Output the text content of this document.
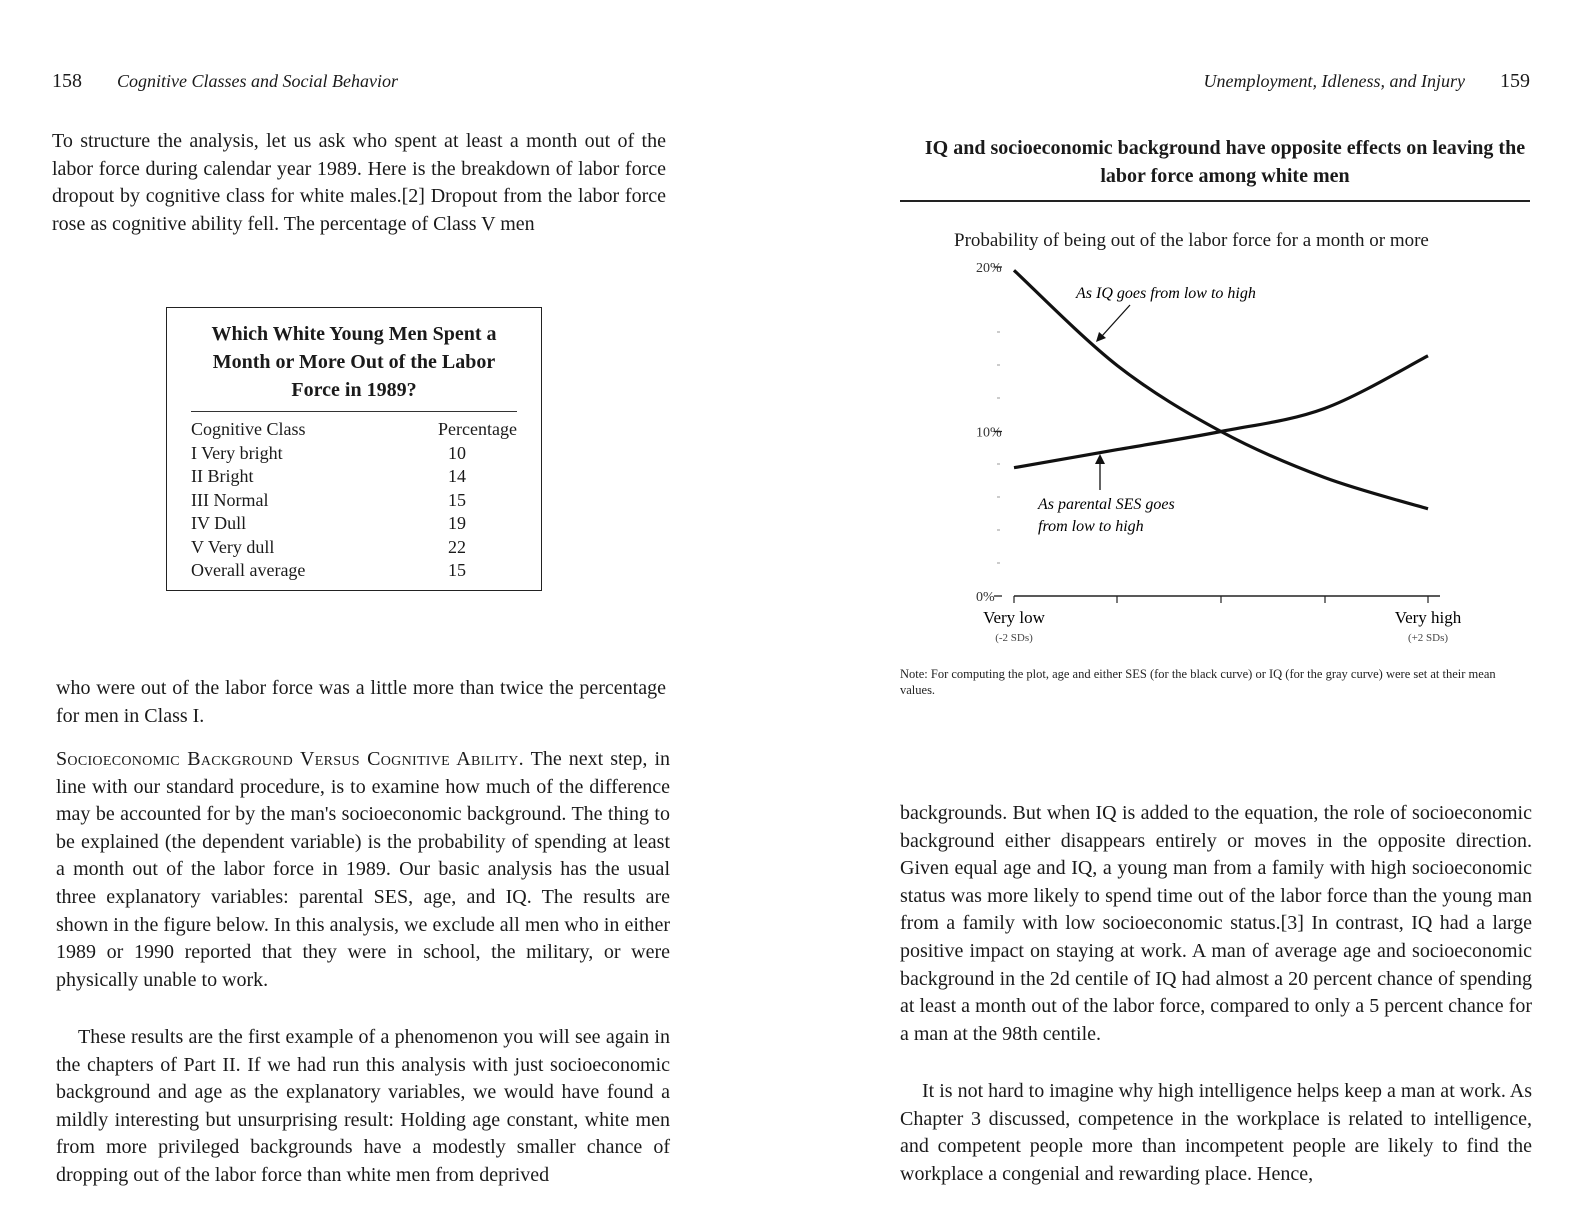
158 Cognitive Classes and Social Behavior

To structure the analysis, let us ask who spent at least a month out of the labor force during calendar year 1989. Here is the breakdown of labor force dropout by cognitive class for white males.[2] Dropout from the labor force rose as cognitive ability fell. The percentage of Class V men

Which White Young Men Spent a Month or More Out of the Labor Force in 1989?
Cognitive Class	Percentage
I Very bright	10
II Bright	14
III Normal	15
IV Dull	19
V Very dull	22
Overall average	15

who were out of the labor force was a little more than twice the percentage for men in Class I.

Socioeconomic Background Versus Cognitive Ability. The next step, in line with our standard procedure, is to examine how much of the difference may be accounted for by the man's socioeconomic background. The thing to be explained (the dependent variable) is the probability of spending at least a month out of the labor force in 1989. Our basic analysis has the usual three explanatory variables: parental SES, age, and IQ. The results are shown in the figure below. In this analysis, we exclude all men who in either 1989 or 1990 reported that they were in school, the military, or were physically unable to work.

These results are the first example of a phenomenon you will see again in the chapters of Part II. If we had run this analysis with just socioeconomic background and age as the explanatory variables, we would have found a mildly interesting but unsurprising result: Holding age constant, white men from more privileged backgrounds have a modestly smaller chance of dropping out of the labor force than white men from deprived

Unemployment, Idleness, and Injury 159
IQ and socioeconomic background have opposite effects on leaving the labor force among white men
Probability of being out of the labor force for a month or more
0%
10%
20%
Very low
(-2 SDs)
Very high
(+2 SDs)
As IQ goes from low to high
As parental SES goes
from low to high
Note: For computing the plot, age and either SES (for the black curve) or IQ (for the gray curve) were set at their mean values.

backgrounds. But when IQ is added to the equation, the role of socioeconomic background either disappears entirely or moves in the opposite direction. Given equal age and IQ, a young man from a family with high socioeconomic status was more likely to spend time out of the labor force than the young man from a family with low socioeconomic status.[3] In contrast, IQ had a large positive impact on staying at work. A man of average age and socioeconomic background in the 2d centile of IQ had almost a 20 percent chance of spending at least a month out of the labor force, compared to only a 5 percent chance for a man at the 98th centile.

It is not hard to imagine why high intelligence helps keep a man at work. As Chapter 3 discussed, competence in the workplace is related to intelligence, and competent people more than incompetent people are likely to find the workplace a congenial and rewarding place. Hence,
